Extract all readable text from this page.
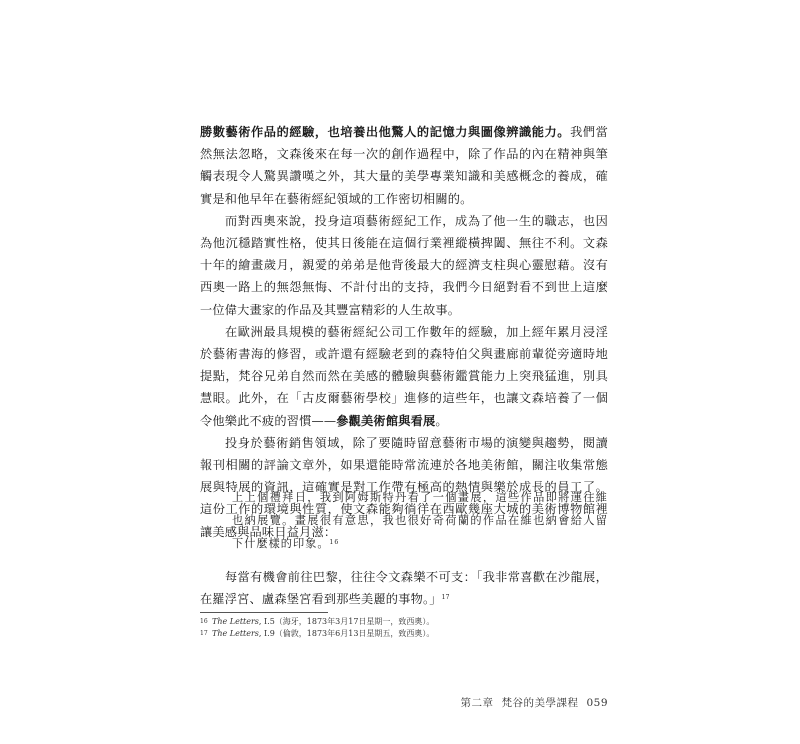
勝數藝術作品的經驗，也培養出他驚人的記憶力與圖像辨識能力。我們當然無法忽略，文森後來在每一次的創作過程中，除了作品的內在精神與筆觸表現令人驚異讚嘆之外，其大量的美學專業知識和美感概念的養成，確實是和他早年在藝術經紀領域的工作密切相關的。

而對西奧來說，投身這項藝術經紀工作，成為了他一生的職志，也因為他沉穩踏實性格，使其日後能在這個行業裡縱橫捭闔、無往不利。文森十年的繪畫歲月，親愛的弟弟是他背後最大的經濟支柱與心靈慰藉。沒有西奧一路上的無怨無悔、不計付出的支持，我們今日絕對看不到世上這麼一位偉大畫家的作品及其豐富精彩的人生故事。

在歐洲最具規模的藝術經紀公司工作數年的經驗，加上經年累月浸淫於藝術書海的修習，或許還有經驗老到的森特伯父與畫廊前輩從旁適時地提點，梵谷兄弟自然而然在美感的體驗與藝術鑑賞能力上突飛猛進，別具慧眼。此外，在「古皮爾藝術學校」進修的這些年，也讓文森培養了一個令他樂此不疲的習慣——參觀美術館與看展。

投身於藝術銷售領域，除了要隨時留意藝術市場的演變與趨勢，閱讀報刊相關的評論文章外，如果還能時常流連於各地美術館，關注收集常態展與特展的資訊，這確實是對工作帶有極高的熱情與樂於成長的員工了。這份工作的環境與性質，使文森能夠徜徉在西歐幾座大城的美術博物館裡讓美感與品味日益月滋：

上上個禮拜日，我到阿姆斯特丹看了一個畫展，這些作品即將運往維也納展覽。畫展很有意思，我也很好奇荷蘭的作品在維也納會給人留下什麼樣的印象。$^{16}$

每當有機會前往巴黎，往往令文森樂不可支：「我非常喜歡在沙龍展，在羅浮宮、盧森堡宮看到那些美麗的事物。」$^{17}$

16 The Letters, I.5（海牙，1873年3月17日星期一，致西奧）。
17 The Letters, I.9（倫敦，1873年6月13日星期五，致西奧）。
第二章 梵谷的美學課程 059
